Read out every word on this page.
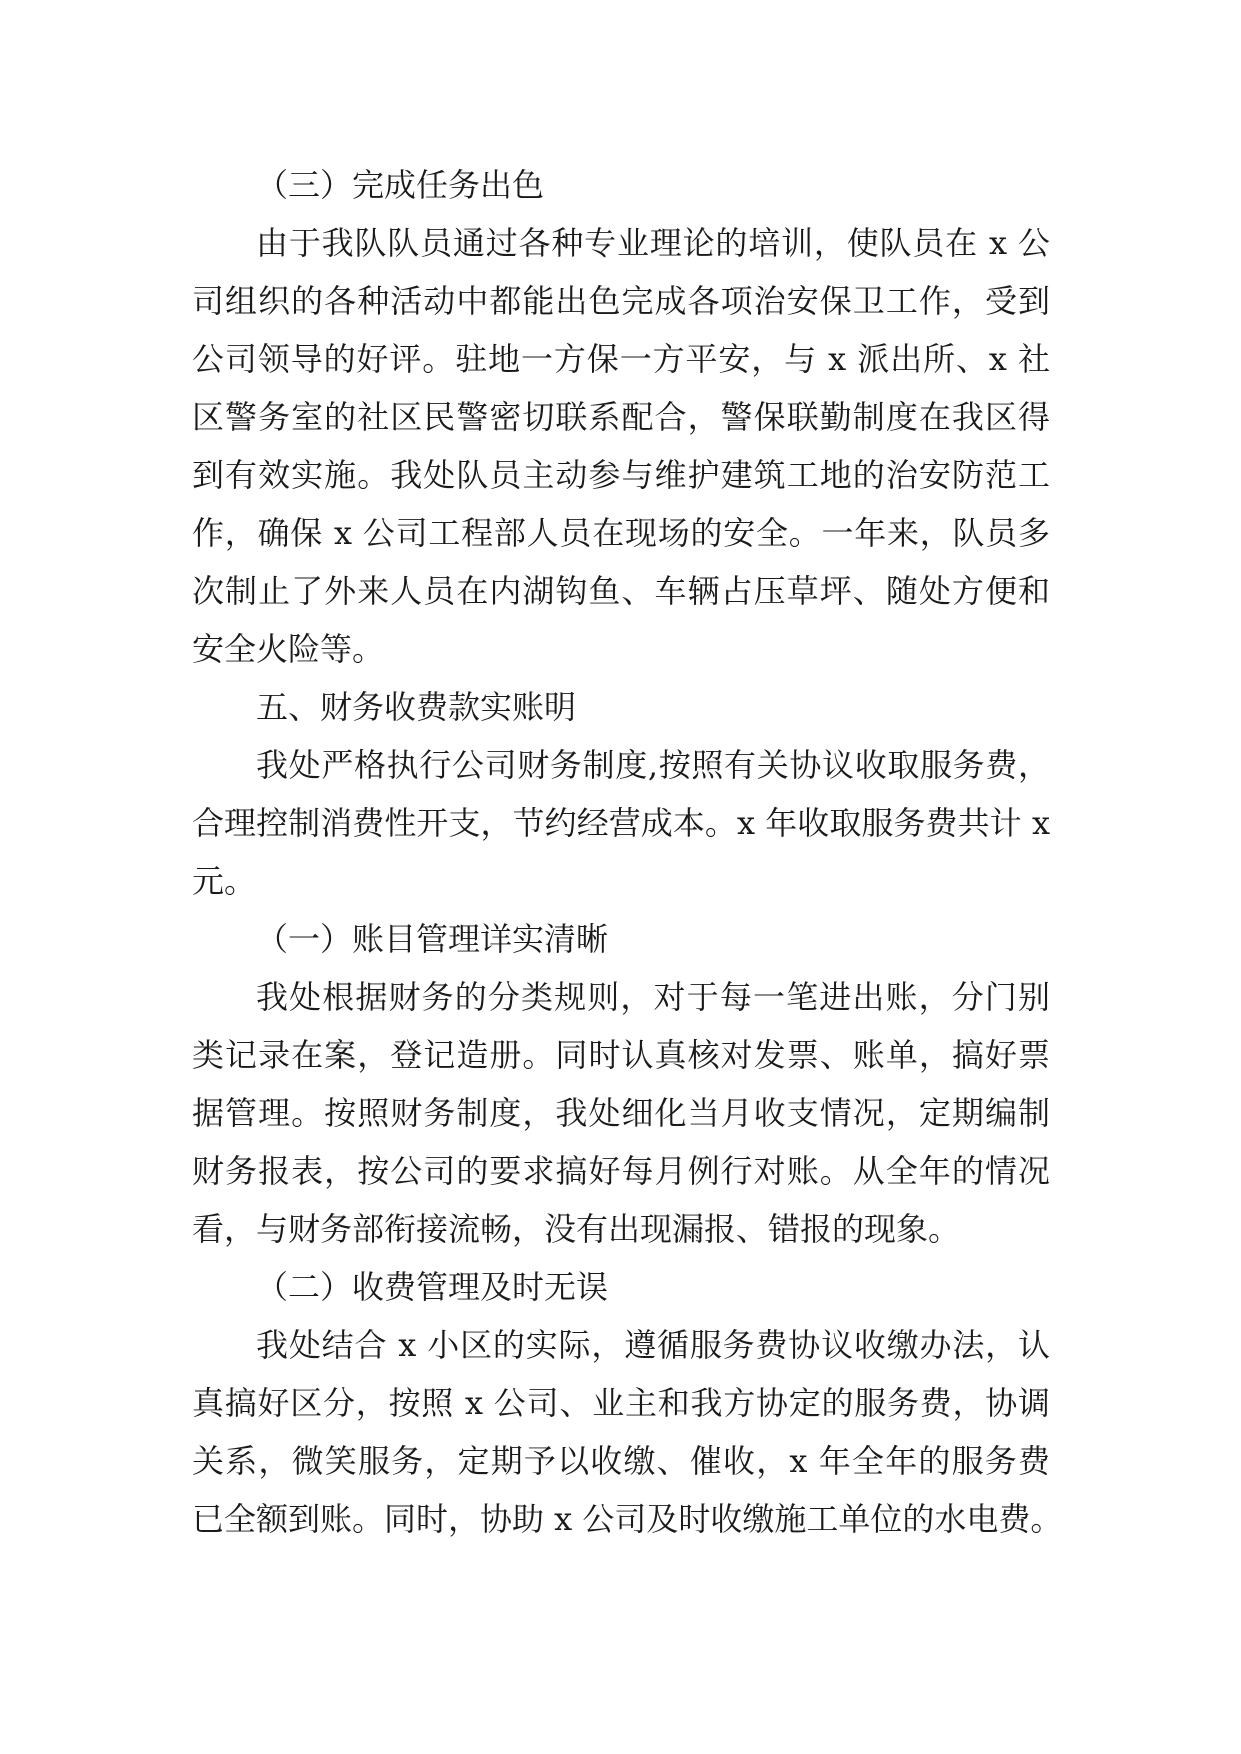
（三）完成任务出色
由于我队队员通过各种专业理论的培训，使队员在 x 公
司组织的各种活动中都能出色完成各项治安保卫工作，受到
公司领导的好评。驻地一方保一方平安，与 x 派出所、x 社
区警务室的社区民警密切联系配合，警保联勤制度在我区得
到有效实施。我处队员主动参与维护建筑工地的治安防范工
作，确保 x 公司工程部人员在现场的安全。一年来，队员多
次制止了外来人员在内湖钩鱼、车辆占压草坪、随处方便和
安全火险等。
五、财务收费款实账明
我处严格执行公司财务制度,按照有关协议收取服务费，
合理控制消费性开支，节约经营成本。x 年收取服务费共计 x
元。
（一）账目管理详实清晰
我处根据财务的分类规则，对于每一笔进出账，分门别
类记录在案，登记造册。同时认真核对发票、账单，搞好票
据管理。按照财务制度，我处细化当月收支情况，定期编制
财务报表，按公司的要求搞好每月例行对账。从全年的情况
看，与财务部衔接流畅，没有出现漏报、错报的现象。
（二）收费管理及时无误
我处结合 x 小区的实际，遵循服务费协议收缴办法，认
真搞好区分，按照 x 公司、业主和我方协定的服务费，协调
关系，微笑服务，定期予以收缴、催收，x 年全年的服务费
已全额到账。同时，协助 x 公司及时收缴施工单位的水电费。
